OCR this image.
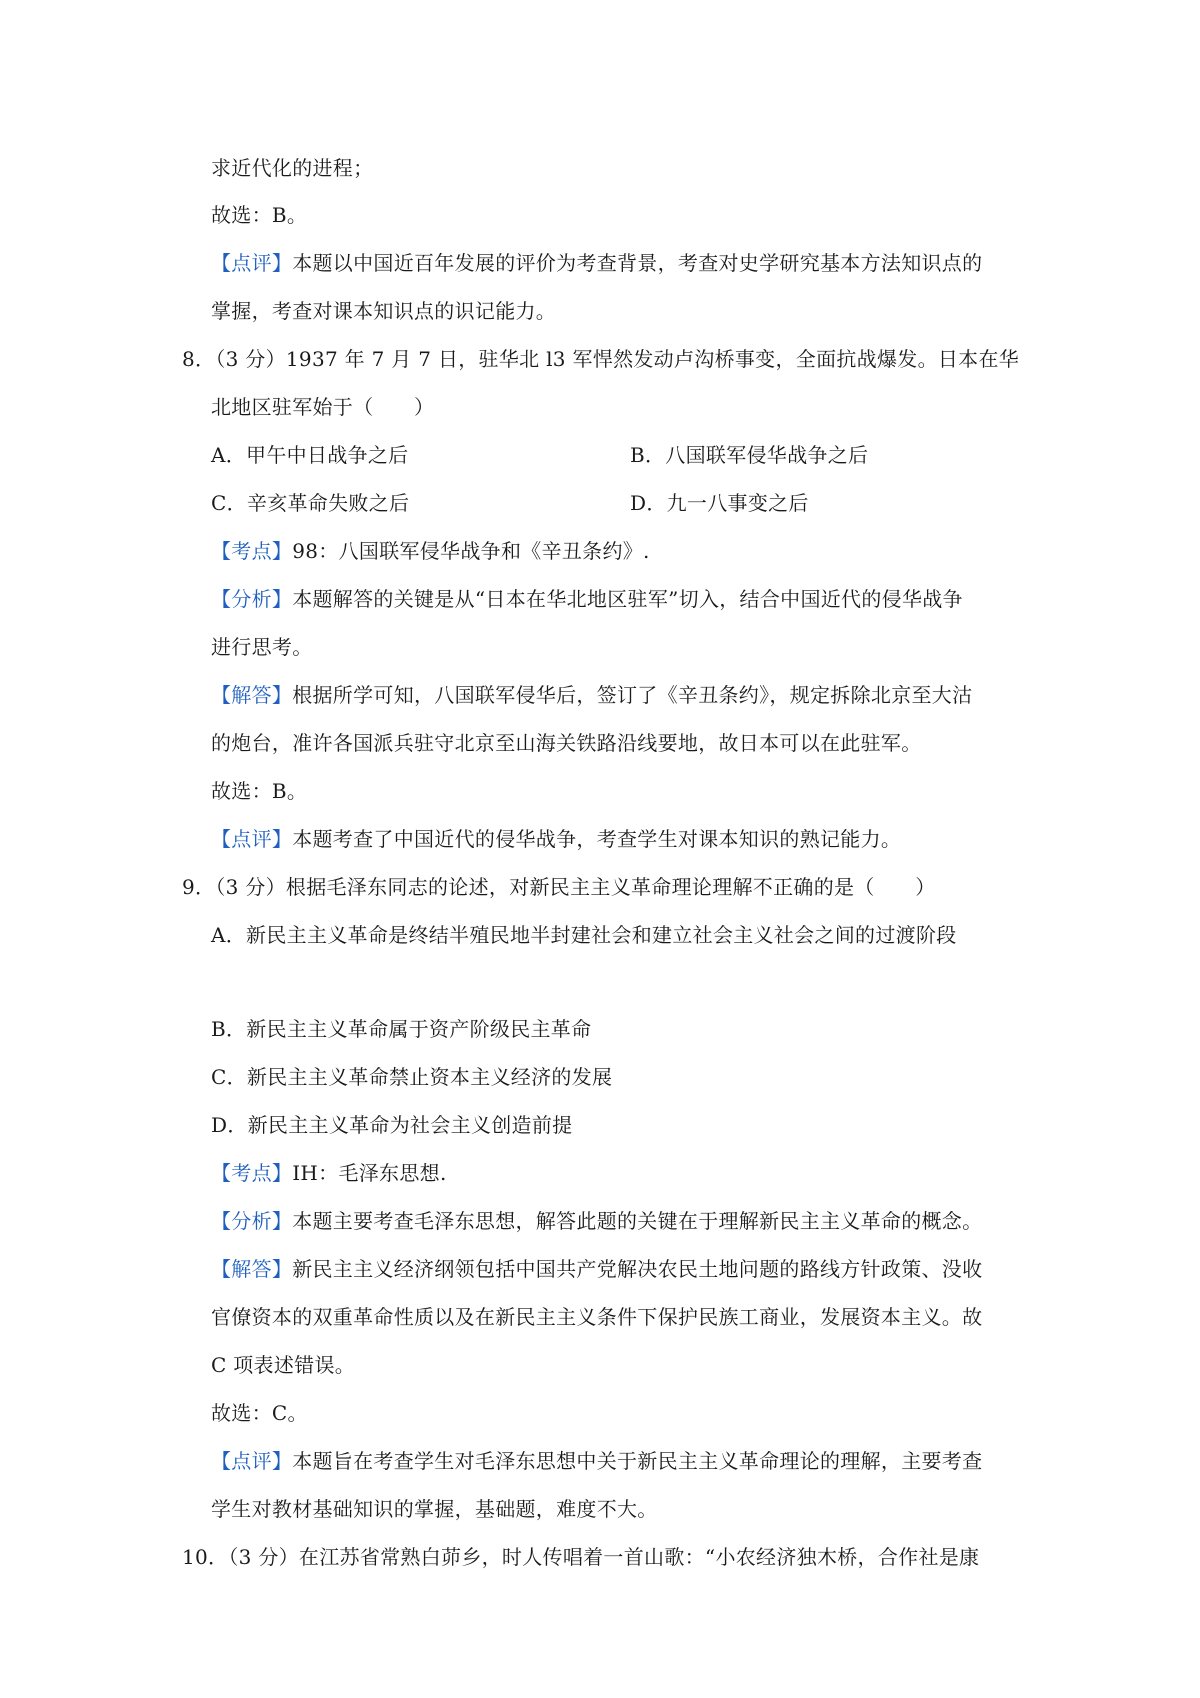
求近代化的进程；
故选：B。
【点评】本题以中国近百年发展的评价为考查背景，考查对史学研究基本方法知识点的
掌握，考查对课本知识点的识记能力。
8．（3 分）1937 年 7 月 7 日，驻华北 l3 军悍然发动卢沟桥事变，全面抗战爆发。日本在华
北地区驻军始于（　　）
A．甲午中日战争之后	B．八国联军侵华战争之后
C．辛亥革命失败之后	D．九一八事变之后
【考点】98：八国联军侵华战争和《辛丑条约》.
【分析】本题解答的关键是从“日本在华北地区驻军”切入，结合中国近代的侵华战争
进行思考。
【解答】根据所学可知，八国联军侵华后，签订了《辛丑条约》，规定拆除北京至大沽
的炮台，准许各国派兵驻守北京至山海关铁路沿线要地，故日本可以在此驻军。
故选：B。
【点评】本题考查了中国近代的侵华战争，考查学生对课本知识的熟记能力。
9．（3 分）根据毛泽东同志的论述，对新民主主义革命理论理解不正确的是（　　）
A．新民主主义革命是终结半殖民地半封建社会和建立社会主义社会之间的过渡阶段
B．新民主主义革命属于资产阶级民主革命
C．新民主主义革命禁止资本主义经济的发展
D．新民主主义革命为社会主义创造前提
【考点】IH：毛泽东思想.
【分析】本题主要考查毛泽东思想，解答此题的关键在于理解新民主主义革命的概念。
【解答】新民主主义经济纲领包括中国共产党解决农民土地问题的路线方针政策、没收
官僚资本的双重革命性质以及在新民主主义条件下保护民族工商业，发展资本主义。故
C 项表述错误。
故选：C。
【点评】本题旨在考查学生对毛泽东思想中关于新民主主义革命理论的理解，主要考查
学生对教材基础知识的掌握，基础题，难度不大。
10．（3 分）在江苏省常熟白茆乡，时人传唱着一首山歌：“小农经济独木桥，合作社是康
